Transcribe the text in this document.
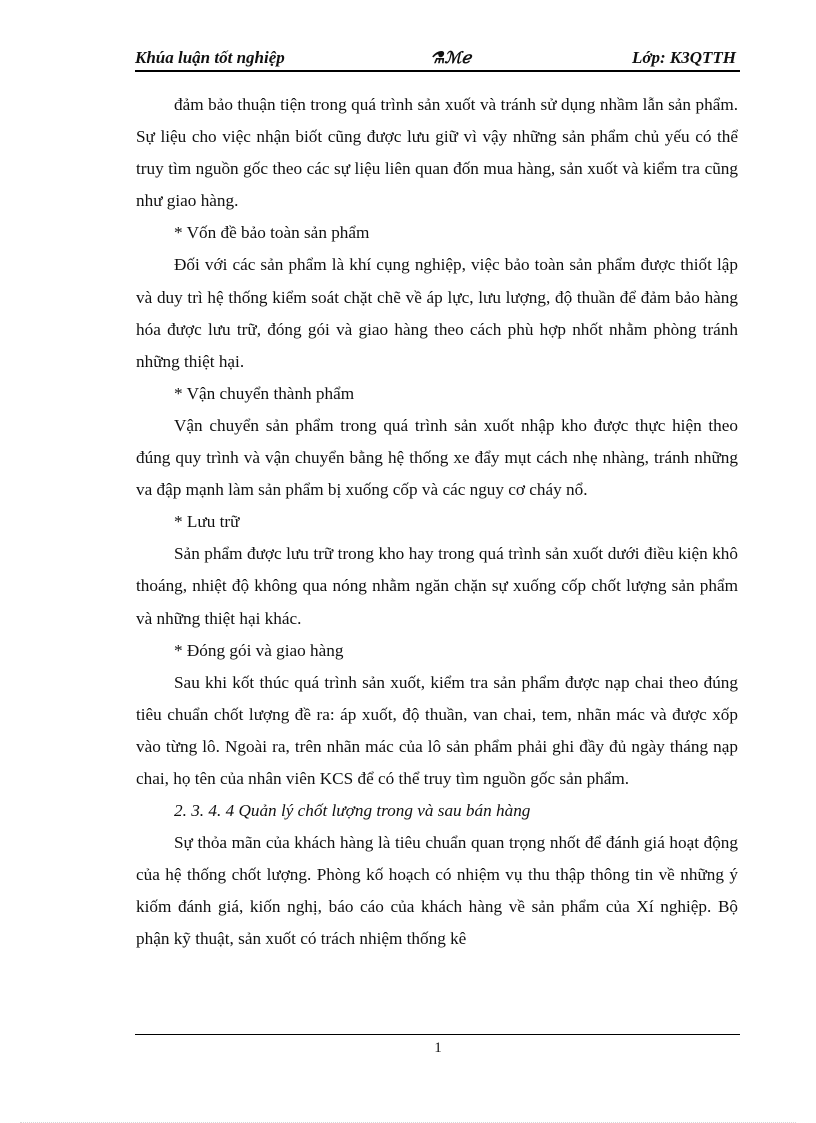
Khúa luận tốt nghiệp	⚗ℳℯ	Lớp: K3QTTH

đảm bảo thuận tiện trong quá trình sản xuốt và tránh sử dụng nhầm lẫn sản phẩm. Sự liệu cho việc nhận biốt cũng được lưu giữ vì vậy những sản phẩm chủ yếu có thể truy tìm nguồn gốc theo các sự liệu liên quan đốn mua hàng, sản xuốt và kiểm tra cũng như giao hàng.

* Vốn đề bảo toàn sản phẩm

Đối với các sản phẩm là khí cụng nghiệp, việc bảo toàn sản phẩm được thiốt lập và duy trì hệ thống kiểm soát chặt chẽ về áp lực, lưu lượng, độ thuần để đảm bảo hàng hóa được lưu trữ, đóng gói và giao hàng theo cách phù hợp nhốt nhằm phòng tránh những thiệt hại.

* Vận chuyển thành phẩm

Vận chuyển sản phẩm trong quá trình sản xuốt nhập kho được thực hiện theo đúng quy trình và vận chuyển bằng hệ thống xe đẩy mụt cách nhẹ nhàng, tránh những va đập mạnh làm sản phẩm bị xuống cốp và các nguy cơ cháy nổ.

* Lưu trữ

Sản phẩm được lưu trữ trong kho hay trong quá trình sản xuốt dưới điều kiện khô thoáng, nhiệt độ không qua nóng nhằm ngăn chặn sự xuống cốp chốt lượng sản phẩm và những thiệt hại khác.

* Đóng gói và giao hàng

Sau khi kốt thúc quá trình sản xuốt, kiểm tra sản phẩm được nạp chai theo đúng tiêu chuẩn chốt lượng đề ra: áp xuốt, độ thuần, van chai, tem, nhãn mác và được xốp vào từng lô. Ngoài ra, trên nhãn mác của lô sản phẩm phải ghi đầy đủ ngày tháng nạp chai, họ tên của nhân viên KCS để có thể truy tìm nguồn gốc sản phẩm.

2. 3. 4. 4 Quản lý chốt lượng trong và sau bán hàng

Sự thỏa mãn của khách hàng là tiêu chuẩn quan trọng nhốt để đánh giá hoạt động của hệ thống chốt lượng. Phòng kố hoạch có nhiệm vụ thu thập thông tin về những ý kiốm đánh giá, kiốn nghị, báo cáo của khách hàng về sản phẩm của Xí nghiệp. Bộ phận kỹ thuật, sản xuốt có trách nhiệm thống kê

1
